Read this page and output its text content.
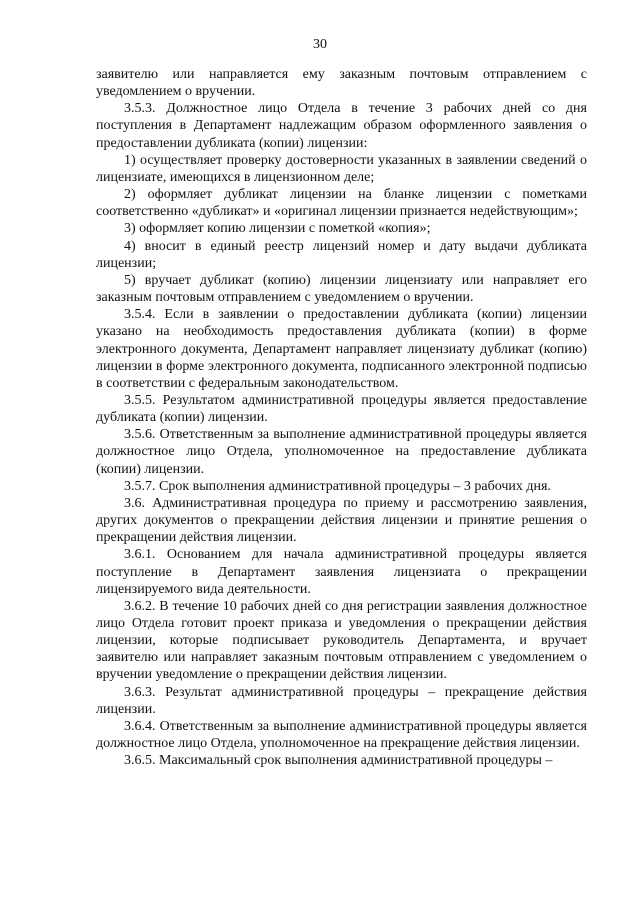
30

заявителю или направляется ему заказным почтовым отправлением с уведомлением о вручении.

3.5.3. Должностное лицо Отдела в течение 3 рабочих дней со дня поступления в Департамент надлежащим образом оформленного заявления о предоставлении дубликата (копии) лицензии:

1) осуществляет проверку достоверности указанных в заявлении сведений о лицензиате, имеющихся в лицензионном деле;

2) оформляет дубликат лицензии на бланке лицензии с пометками соответственно «дубликат» и «оригинал лицензии признается недействующим»;

3) оформляет копию лицензии с пометкой «копия»;

4) вносит в единый реестр лицензий номер и дату выдачи дубликата лицензии;

5) вручает дубликат (копию) лицензии лицензиату или направляет его заказным почтовым отправлением с уведомлением о вручении.

3.5.4. Если в заявлении о предоставлении дубликата (копии) лицензии указано на необходимость предоставления дубликата (копии) в форме электронного документа, Департамент направляет лицензиату дубликат (копию) лицензии в форме электронного документа, подписанного электронной подписью в соответствии с федеральным законодательством.

3.5.5. Результатом административной процедуры является предоставление дубликата (копии) лицензии.

3.5.6. Ответственным за выполнение административной процедуры является должностное лицо Отдела, уполномоченное на предоставление дубликата (копии) лицензии.

3.5.7. Срок выполнения административной процедуры – 3 рабочих дня.

3.6. Административная процедура по приему и рассмотрению заявления, других документов о прекращении действия лицензии и принятие решения о прекращении действия лицензии.

3.6.1. Основанием для начала административной процедуры является поступление в Департамент заявления лицензиата о прекращении лицензируемого вида деятельности.

3.6.2. В течение 10 рабочих дней со дня регистрации заявления должностное лицо Отдела готовит проект приказа и уведомления о прекращении действия лицензии, которые подписывает руководитель Департамента, и вручает заявителю или направляет заказным почтовым отправлением с уведомлением о вручении уведомление о прекращении действия лицензии.

3.6.3. Результат административной процедуры – прекращение действия лицензии.

3.6.4. Ответственным за выполнение административной процедуры является должностное лицо Отдела, уполномоченное на прекращение действия лицензии.

3.6.5. Максимальный срок выполнения административной процедуры –
